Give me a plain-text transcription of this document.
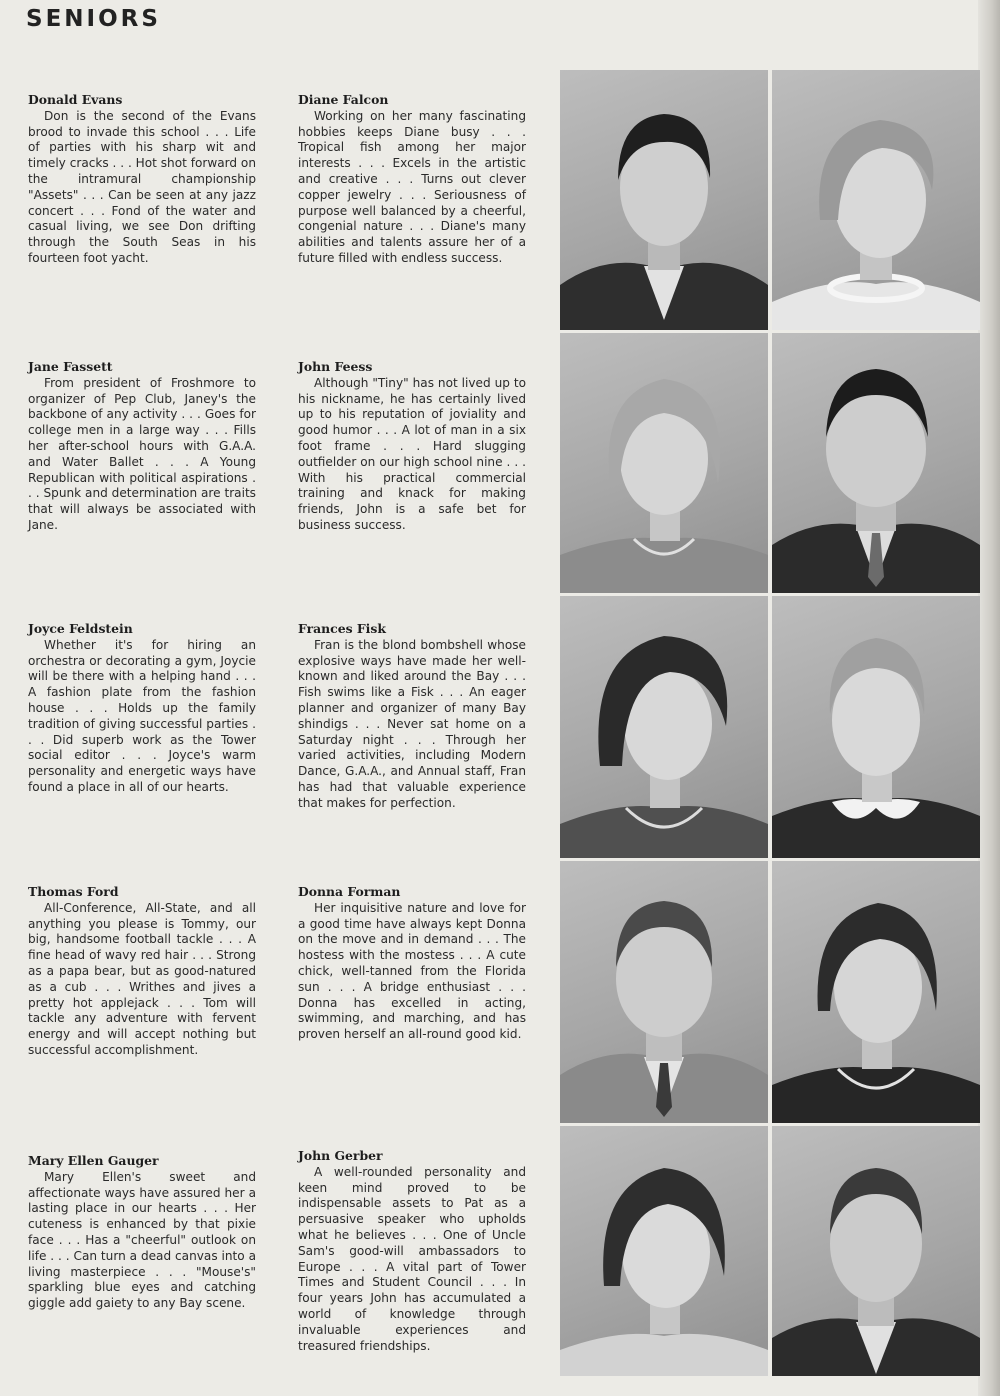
SENIORS
Donald Evans
Don is the second of the Evans brood to invade this school . . . Life of parties with his sharp wit and timely cracks . . . Hot shot forward on the intramural championship "Assets" . . . Can be seen at any jazz concert . . . Fond of the water and casual living, we see Don drifting through the South Seas in his fourteen foot yacht.
Diane Falcon
Working on her many fascinating hobbies keeps Diane busy . . . Tropical fish among her major interests . . . Excels in the artistic and creative . . . Turns out clever copper jewelry . . . Seriousness of purpose well balanced by a cheerful, congenial nature . . . Diane's many abilities and talents assure her of a future filled with endless success.
Jane Fassett
From president of Froshmore to organizer of Pep Club, Janey's the backbone of any activity . . . Goes for college men in a large way . . . Fills her after-school hours with G.A.A. and Water Ballet . . . A Young Republican with political aspirations . . . Spunk and determination are traits that will always be associated with Jane.
John Feess
Although "Tiny" has not lived up to his nickname, he has certainly lived up to his reputation of joviality and good humor . . . A lot of man in a six foot frame . . . Hard slugging outfielder on our high school nine . . . With his practical commercial training and knack for making friends, John is a safe bet for business success.
Joyce Feldstein
Whether it's for hiring an orchestra or decorating a gym, Joycie will be there with a helping hand . . . A fashion plate from the fashion house . . . Holds up the family tradition of giving successful parties . . . Did superb work as the Tower social editor . . . Joyce's warm personality and energetic ways have found a place in all of our hearts.
Frances Fisk
Fran is the blond bombshell whose explosive ways have made her well-known and liked around the Bay . . . Fish swims like a Fisk . . . An eager planner and organizer of many Bay shindigs . . . Never sat home on a Saturday night . . . Through her varied activities, including Modern Dance, G.A.A., and Annual staff, Fran has had that valuable experience that makes for perfection.
Thomas Ford
All-Conference, All-State, and all anything you please is Tommy, our big, handsome football tackle . . . A fine head of wavy red hair . . . Strong as a papa bear, but as good-natured as a cub . . . Writhes and jives a pretty hot applejack . . . Tom will tackle any adventure with fervent energy and will accept nothing but successful accomplishment.
Donna Forman
Her inquisitive nature and love for a good time have always kept Donna on the move and in demand . . . The hostess with the mostess . . . A cute chick, well-tanned from the Florida sun . . . A bridge enthusiast . . . Donna has excelled in acting, swimming, and marching, and has proven herself an all-round good kid.
Mary Ellen Gauger
Mary Ellen's sweet and affectionate ways have assured her a lasting place in our hearts . . . Her cuteness is enhanced by that pixie face . . . Has a "cheerful" outlook on life . . . Can turn a dead canvas into a living masterpiece . . . "Mouse's" sparkling blue eyes and catching giggle add gaiety to any Bay scene.
John Gerber
A well-rounded personality and keen mind proved to be indispensable assets to Pat as a persuasive speaker who upholds what he believes . . . One of Uncle Sam's good-will ambassadors to Europe . . . A vital part of Tower Times and Student Council . . . In four years John has accumulated a world of knowledge through invaluable experiences and treasured friendships.
